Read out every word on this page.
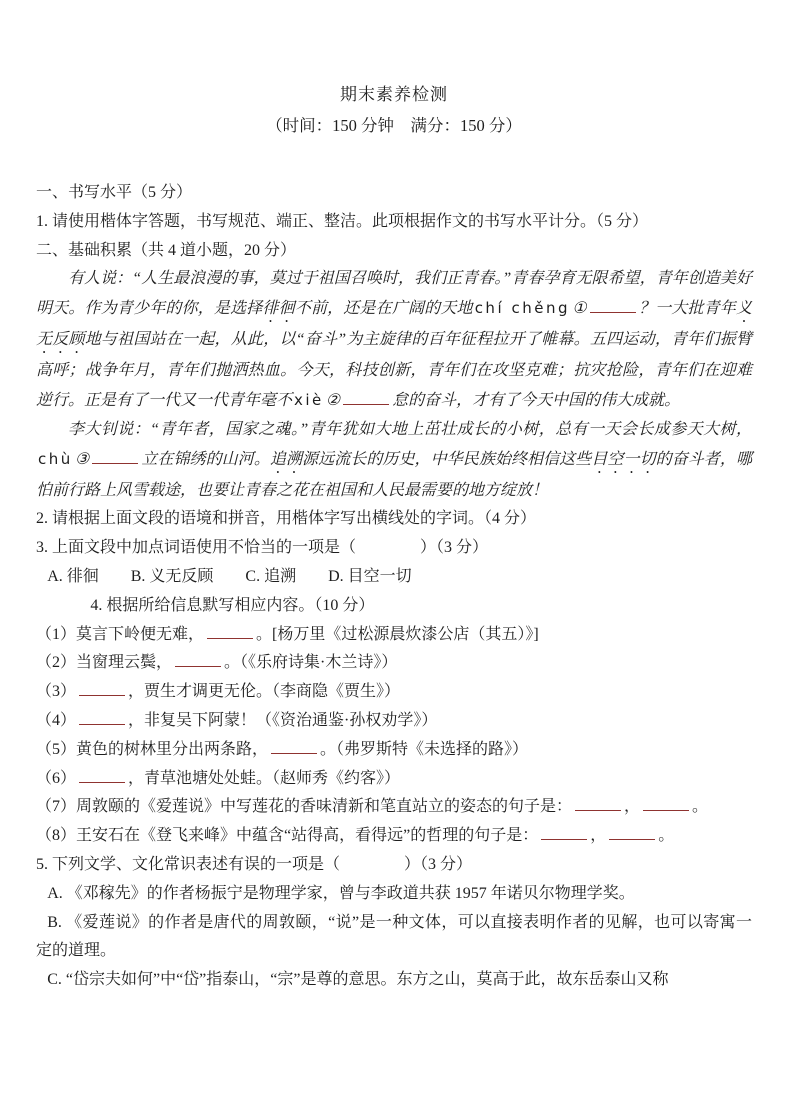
期末素养检测
（时间：150 分钟　满分：150 分）
一、书写水平（5 分）
1. 请使用楷体字答题，书写规范、端正、整洁。此项根据作文的书写水平计分。（5 分）
二、基础积累（共 4 道小题，20 分）
有人说：“人生最浪漫的事，莫过于祖国召唤时，我们正青春。”青春孕育无限希望，青年创造美好明天。作为青少年的你，是选择徘徊不前，还是在广阔的天地 chí chěng ①	？一大批青年义无反顾地与祖国站在一起，从此，以“奋斗”为主旋律的百年征程拉开了帷幕。五四运动，青年们振臂高呼；战争年月，青年们抛洒热血。今天，科技创新，青年们在攻坚克难；抗灾抢险，青年们在迎难逆行。正是有了一代又一代青年毫不 xiè ②	怠的奋斗，才有了今天中国的伟大成就。
李大钊说：“青年者，国家之魂。”青年犹如大地上茁壮成长的小树，总有一天会长成参天大树，chù ③	立在锦绣的山河。追溯源远流长的历史，中华民族始终相信这些目空一切的奋斗者，哪怕前行路上风雪载途，也要让青春之花在祖国和人民最需要的地方绽放！
2. 请根据上面文段的语境和拼音，用楷体字写出横线处的字词。（4 分）
3. 上面文段中加点词语使用不恰当的一项是（　　　　）（3 分）
A. 徘徊　　B. 义无反顾　　C. 追溯　　D. 目空一切
4. 根据所给信息默写相应内容。（10 分）
（1）莫言下岭便无难，	。[杨万里《过松源晨炊漆公店（其五）》]
（2）当窗理云鬓，	。（《乐府诗集·木兰诗》）
（3）	，贾生才调更无伦。（李商隐《贾生》）
（4）	，非复吴下阿蒙！（《资治通鉴·孙权劝学》）
（5）黄色的树林里分出两条路，	。（弗罗斯特《未选择的路》）
（6）	，青草池塘处处蛙。（赵师秀《约客》）
（7）周敦颐的《爱莲说》中写莲花的香味清新和笔直站立的姿态的句子是：	，	。
（8）王安石在《登飞来峰》中蕴含“站得高，看得远”的哲理的句子是：	，	。
5. 下列文学、文化常识表述有误的一项是（　　　　）（3 分）
A. 《邓稼先》的作者杨振宁是物理学家，曾与李政道共获 1957 年诺贝尔物理学奖。
B. 《爱莲说》的作者是唐代的周敦颐，“说”是一种文体，可以直接表明作者的见解，也可以寄寓一定的道理。
C. “岱宗夫如何”中“岱”指泰山，“宗”是尊的意思。东方之山，莫高于此，故东岳泰山又称
